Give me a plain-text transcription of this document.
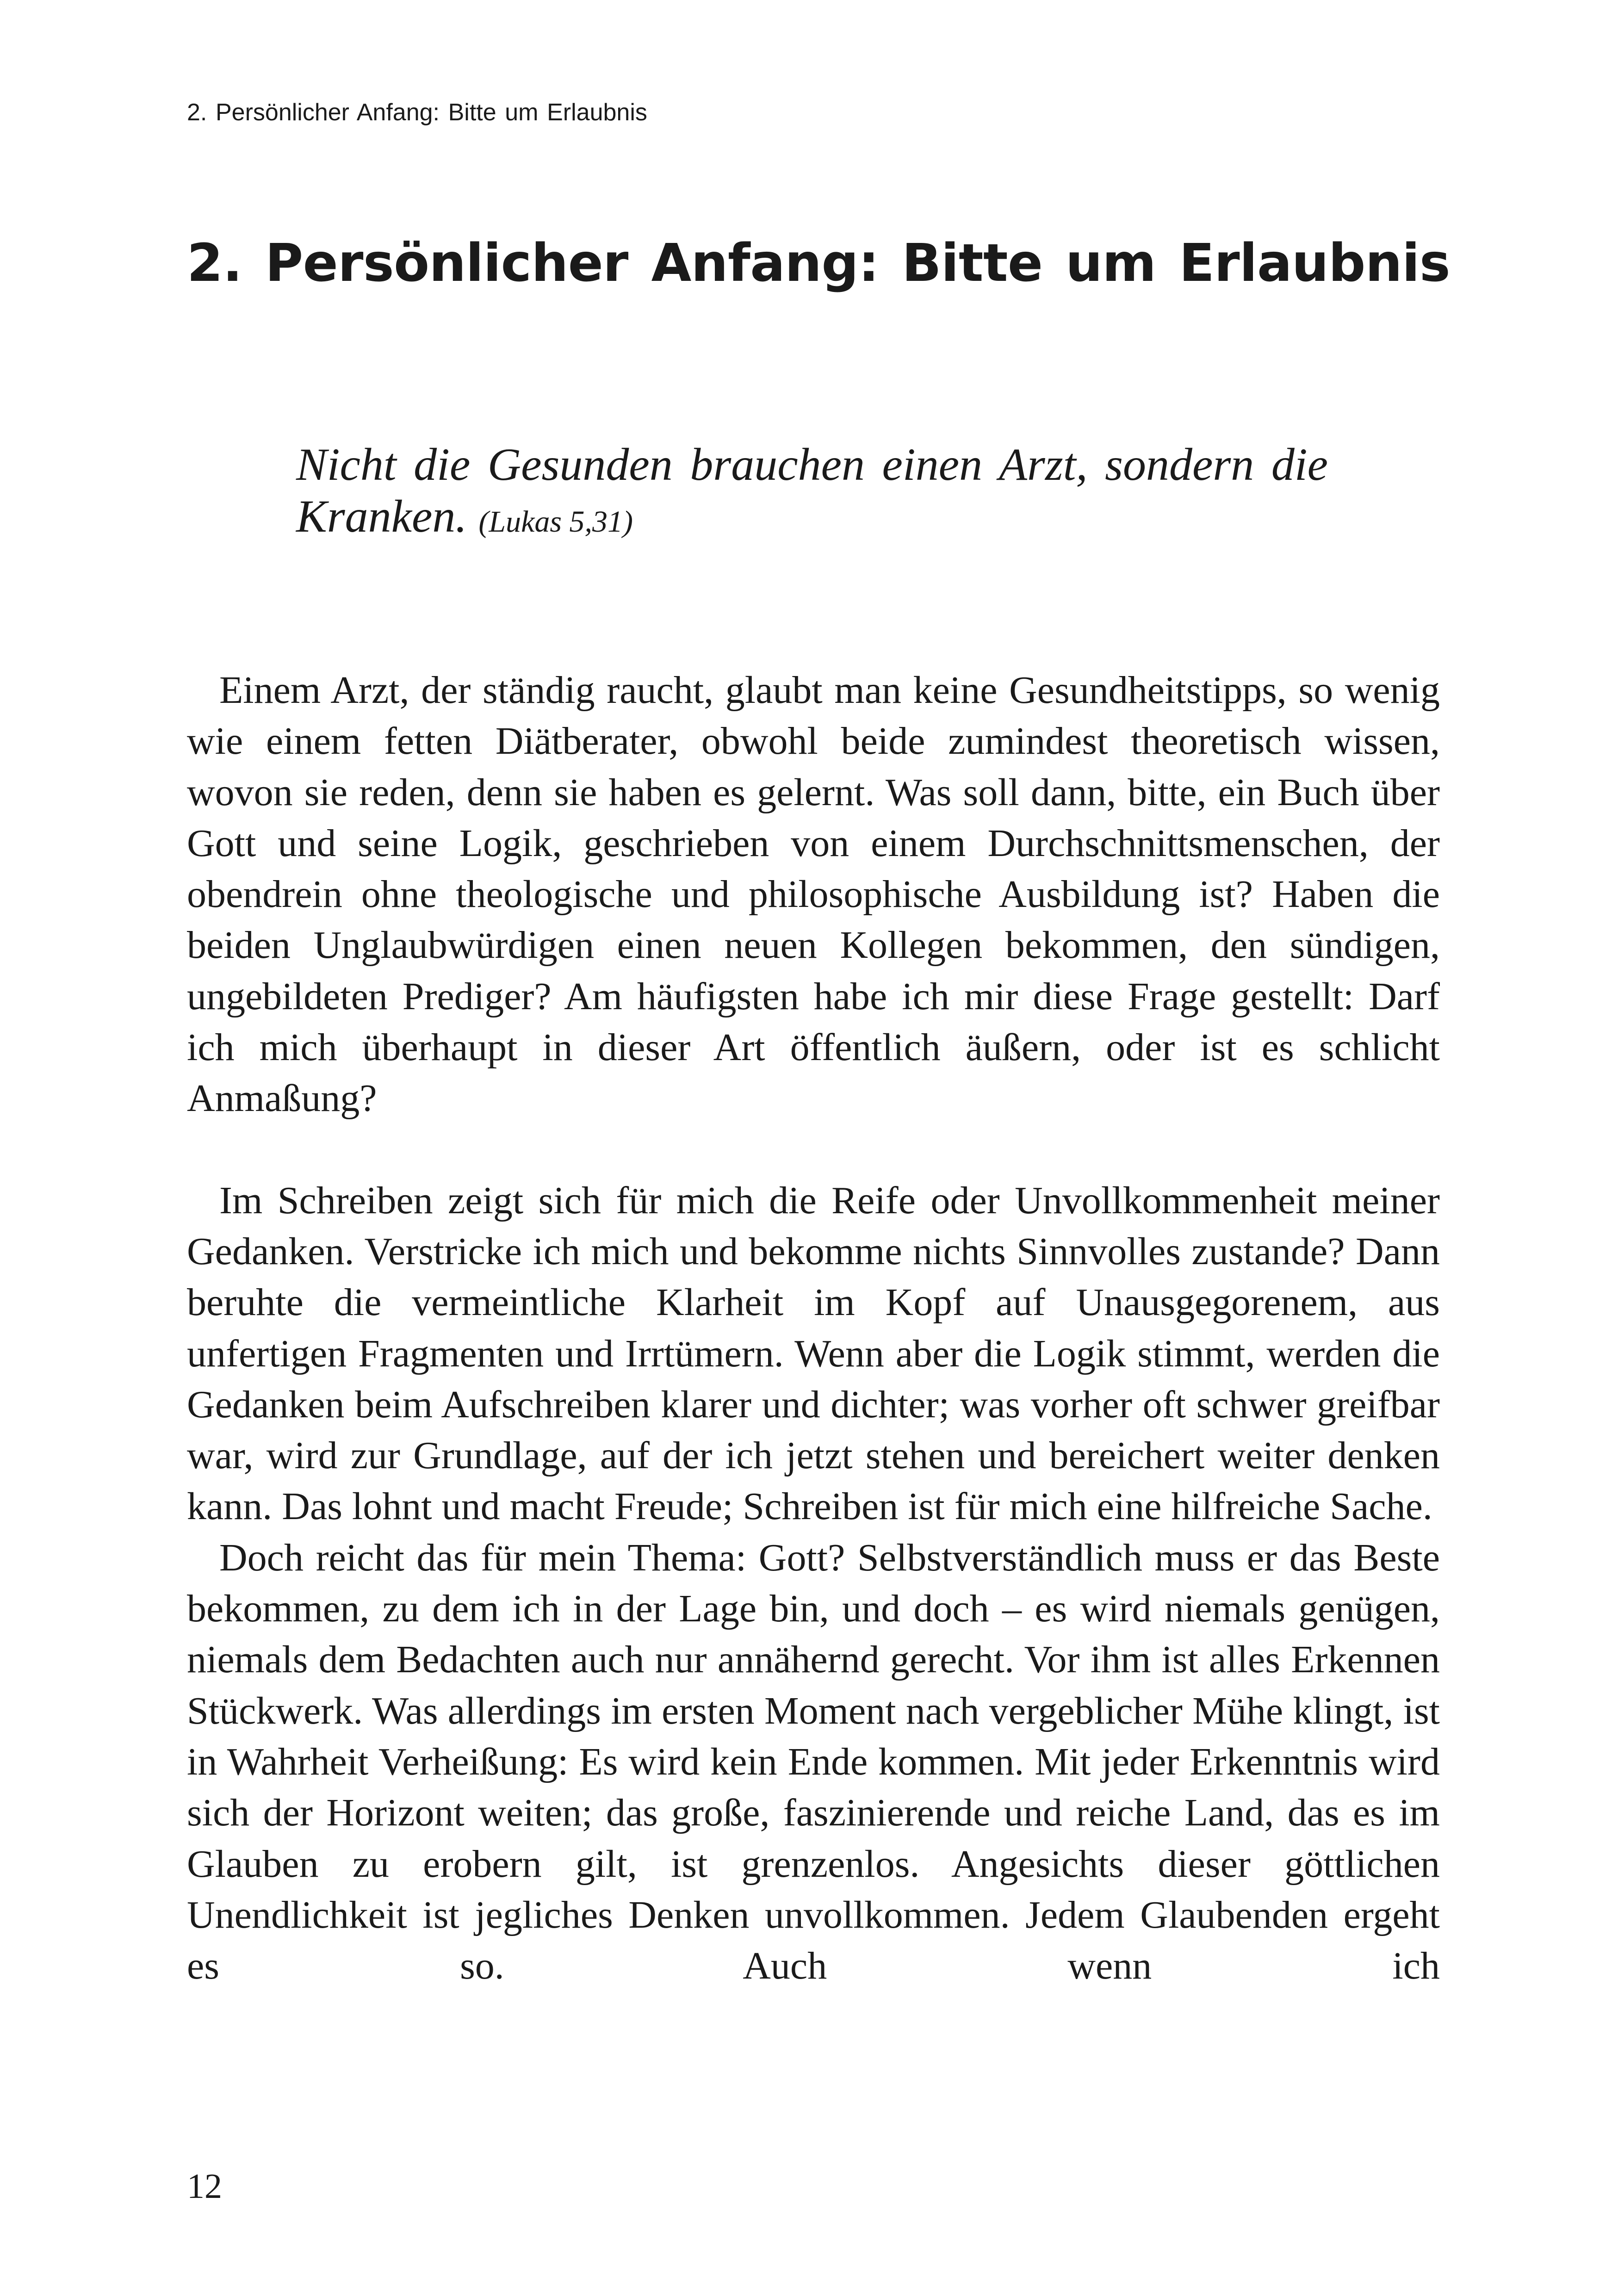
2. Persönlicher Anfang: Bitte um Erlaubnis
2. Persönlicher Anfang: Bitte um Erlaubnis
Nicht die Gesunden brauchen einen Arzt, sondern die Kranken. (Lukas 5,31)

Einem Arzt, der ständig raucht, glaubt man keine Gesundheitstipps, so wenig wie einem fetten Diätberater, obwohl beide zumindest theoretisch wissen, wovon sie reden, denn sie haben es gelernt. Was soll dann, bitte, ein Buch über Gott und seine Logik, geschrieben von einem Durchschnittsmenschen, der obendrein ohne theologische und philosophische Ausbildung ist? Haben die beiden Unglaubwürdigen einen neuen Kollegen bekommen, den sündigen, ungebildeten Prediger? Am häufigsten habe ich mir diese Frage gestellt: Darf ich mich überhaupt in dieser Art öffentlich äußern, oder ist es schlicht Anmaßung?

Im Schreiben zeigt sich für mich die Reife oder Unvollkommenheit meiner Gedanken. Verstricke ich mich und bekomme nichts Sinnvolles zustande? Dann beruhte die vermeintliche Klarheit im Kopf auf Unausgegorenem, aus unfertigen Fragmenten und Irrtümern. Wenn aber die Logik stimmt, werden die Gedanken beim Aufschreiben klarer und dichter; was vorher oft schwer greifbar war, wird zur Grundlage, auf der ich jetzt stehen und bereichert weiter denken kann. Das lohnt und macht Freude; Schreiben ist für mich eine hilfreiche Sache.

Doch reicht das für mein Thema: Gott? Selbstverständlich muss er das Beste bekommen, zu dem ich in der Lage bin, und doch – es wird niemals genügen, niemals dem Bedachten auch nur annähernd gerecht. Vor ihm ist alles Erkennen Stückwerk. Was allerdings im ersten Moment nach vergeblicher Mühe klingt, ist in Wahrheit Verheißung: Es wird kein Ende kommen. Mit jeder Erkenntnis wird sich der Horizont weiten; das große, faszinierende und reiche Land, das es im Glauben zu erobern gilt, ist grenzenlos. Angesichts dieser göttlichen Unendlichkeit ist jegliches Denken unvollkommen. Jedem Glaubenden ergeht es so. Auch wenn ich

12
